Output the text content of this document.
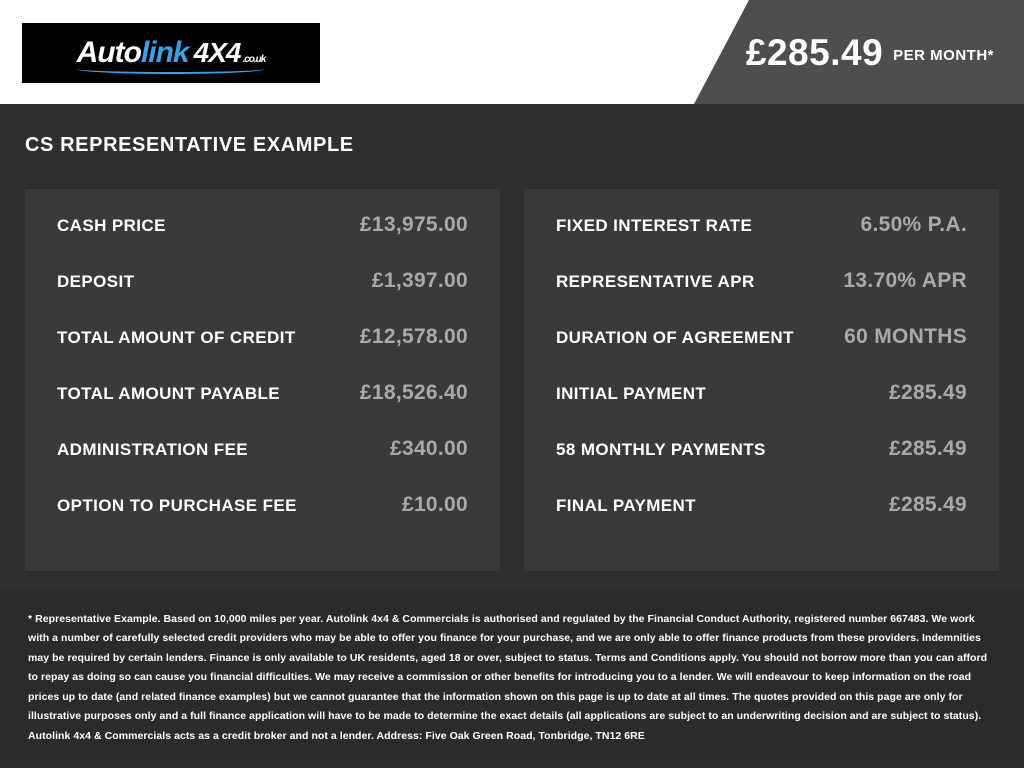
Auto link 4X4 .co.uk	£285.49 PER MONTH*
CS REPRESENTATIVE EXAMPLE
CASH PRICE	£13,975.00
DEPOSIT	£1,397.00
TOTAL AMOUNT OF CREDIT	£12,578.00
TOTAL AMOUNT PAYABLE	£18,526.40
ADMINISTRATION FEE	£340.00
OPTION TO PURCHASE FEE	£10.00
FIXED INTEREST RATE	6.50% P.A.
REPRESENTATIVE APR	13.70% APR
DURATION OF AGREEMENT 60 MONTHS
INITIAL PAYMENT	£285.49
58 MONTHLY PAYMENTS	£285.49
FINAL PAYMENT	£285.49
* Representative Example. Based on 10,000 miles per year. Autolink 4x4 & Commercials is authorised and regulated by the Financial Conduct Authority, registered number 667483. We work with a number of carefully selected credit providers who may be able to offer you finance for your purchase, and we are only able to offer finance products from these providers. Indemnities may be required by certain lenders. Finance is only available to UK residents, aged 18 or over, subject to status. Terms and Conditions apply. You should not borrow more than you can afford to repay as doing so can cause you financial difficulties. We may receive a commission or other benefits for introducing you to a lender. We will endeavour to keep information on the road prices up to date (and related finance examples) but we cannot guarantee that the information shown on this page is up to date at all times. The quotes provided on this page are only for illustrative purposes only and a full finance application will have to be made to determine the exact details (all applications are subject to an underwriting decision and are subject to status). Autolink 4x4 & Commercials acts as a credit broker and not a lender. Address: Five Oak Green Road, Tonbridge, TN12 6RE
